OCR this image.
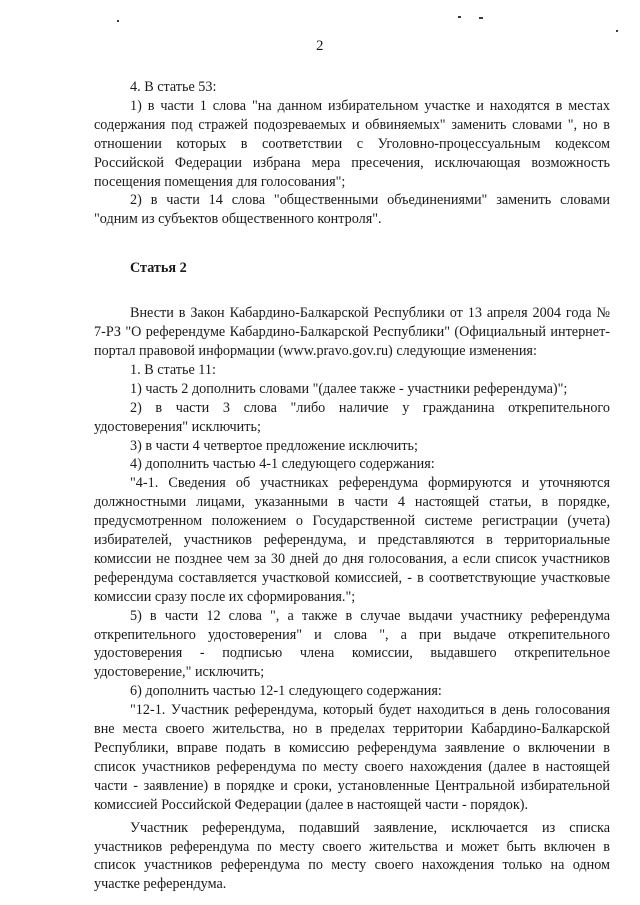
2

4. В статье 53:

1) в части 1 слова "на данном избирательном участке и находятся в местах содержания под стражей подозреваемых и обвиняемых" заменить словами ", но в отношении которых в соответствии с Уголовно-процессуальным кодексом Российской Федерации избрана мера пресечения, исключающая возможность посещения помещения для голосования";

2) в части 14 слова "общественными объединениями" заменить словами "одним из субъектов общественного контроля".

Статья 2

Внести в Закон Кабардино-Балкарской Республики от 13 апреля 2004 года № 7-РЗ "О референдуме Кабардино-Балкарской Республики" (Официальный интернет-портал правовой информации (www.pravo.gov.ru) следующие изменения:

1. В статье 11:

1) часть 2 дополнить словами "(далее также - участники референдума)";

2) в части 3 слова "либо наличие у гражданина открепительного удостоверения" исключить;

3) в части 4 четвертое предложение исключить;

4) дополнить частью 4-1 следующего содержания:

"4-1. Сведения об участниках референдума формируются и уточняются должностными лицами, указанными в части 4 настоящей статьи, в порядке, предусмотренном положением о Государственной системе регистрации (учета) избирателей, участников референдума, и представляются в территориальные комиссии не позднее чем за 30 дней до дня голосования, а если список участников референдума составляется участковой комиссией, - в соответствующие участковые комиссии сразу после их сформирования.";

5) в части 12 слова ", а также в случае выдачи участнику референдума открепительного удостоверения" и слова ", а при выдаче открепительного удостоверения - подписью члена комиссии, выдавшего открепительное удостоверение," исключить;

6) дополнить частью 12-1 следующего содержания:

"12-1. Участник референдума, который будет находиться в день голосования вне места своего жительства, но в пределах территории Кабардино-Балкарской Республики, вправе подать в комиссию референдума заявление о включении в список участников референдума по месту своего нахождения (далее в настоящей части - заявление) в порядке и сроки, установленные Центральной избирательной комиссией Российской Федерации (далее в настоящей части - порядок).

Участник референдума, подавший заявление, исключается из списка участников референдума по месту своего жительства и может быть включен в список участников референдума по месту своего нахождения только на одном участке референдума.
